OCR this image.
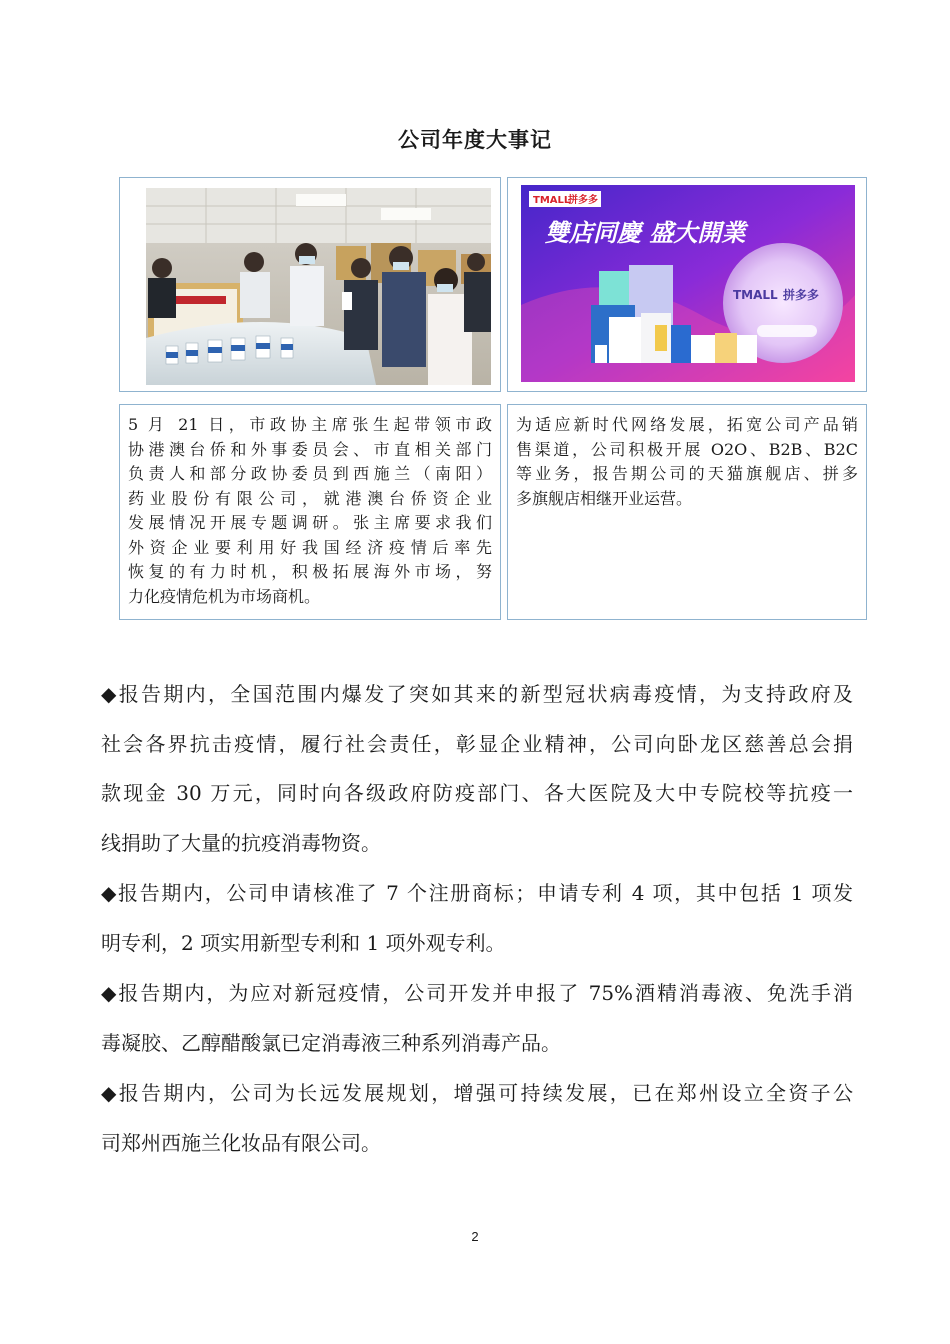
公司年度大事记
TMALL
拼多多
雙店同慶 盛大開業
TMALL 拼多多
5 月 21 日，市政协主席张生起带领市政
协港澳台侨和外事委员会、市直相关部门
负责人和部分政协委员到西施兰（南阳）
药业股份有限公司，就港澳台侨资企业
发展情况开展专题调研。张主席要求我们
外资企业要利用好我国经济疫情后率先
恢复的有力时机，积极拓展海外市场，努
力化疫情危机为市场商机。
为适应新时代网络发展，拓宽公司产品销
售渠道，公司积极开展 O2O、B2B、B2C
等业务，报告期公司的天猫旗舰店、拼多
多旗舰店相继开业运营。

◆报告期内，全国范围内爆发了突如其来的新型冠状病毒疫情，为支持政府及
社会各界抗击疫情，履行社会责任，彰显企业精神，公司向卧龙区慈善总会捐
款现金 30 万元，同时向各级政府防疫部门、各大医院及大中专院校等抗疫一
线捐助了大量的抗疫消毒物资。

◆报告期内，公司申请核准了 7 个注册商标；申请专利 4 项，其中包括 1 项发
明专利，2 项实用新型专利和 1 项外观专利。

◆报告期内，为应对新冠疫情，公司开发并申报了 75%酒精消毒液、免洗手消
毒凝胶、乙醇醋酸氯已定消毒液三种系列消毒产品。

◆报告期内，公司为长远发展规划，增强可持续发展，已在郑州设立全资子公
司郑州西施兰化妆品有限公司。

2
